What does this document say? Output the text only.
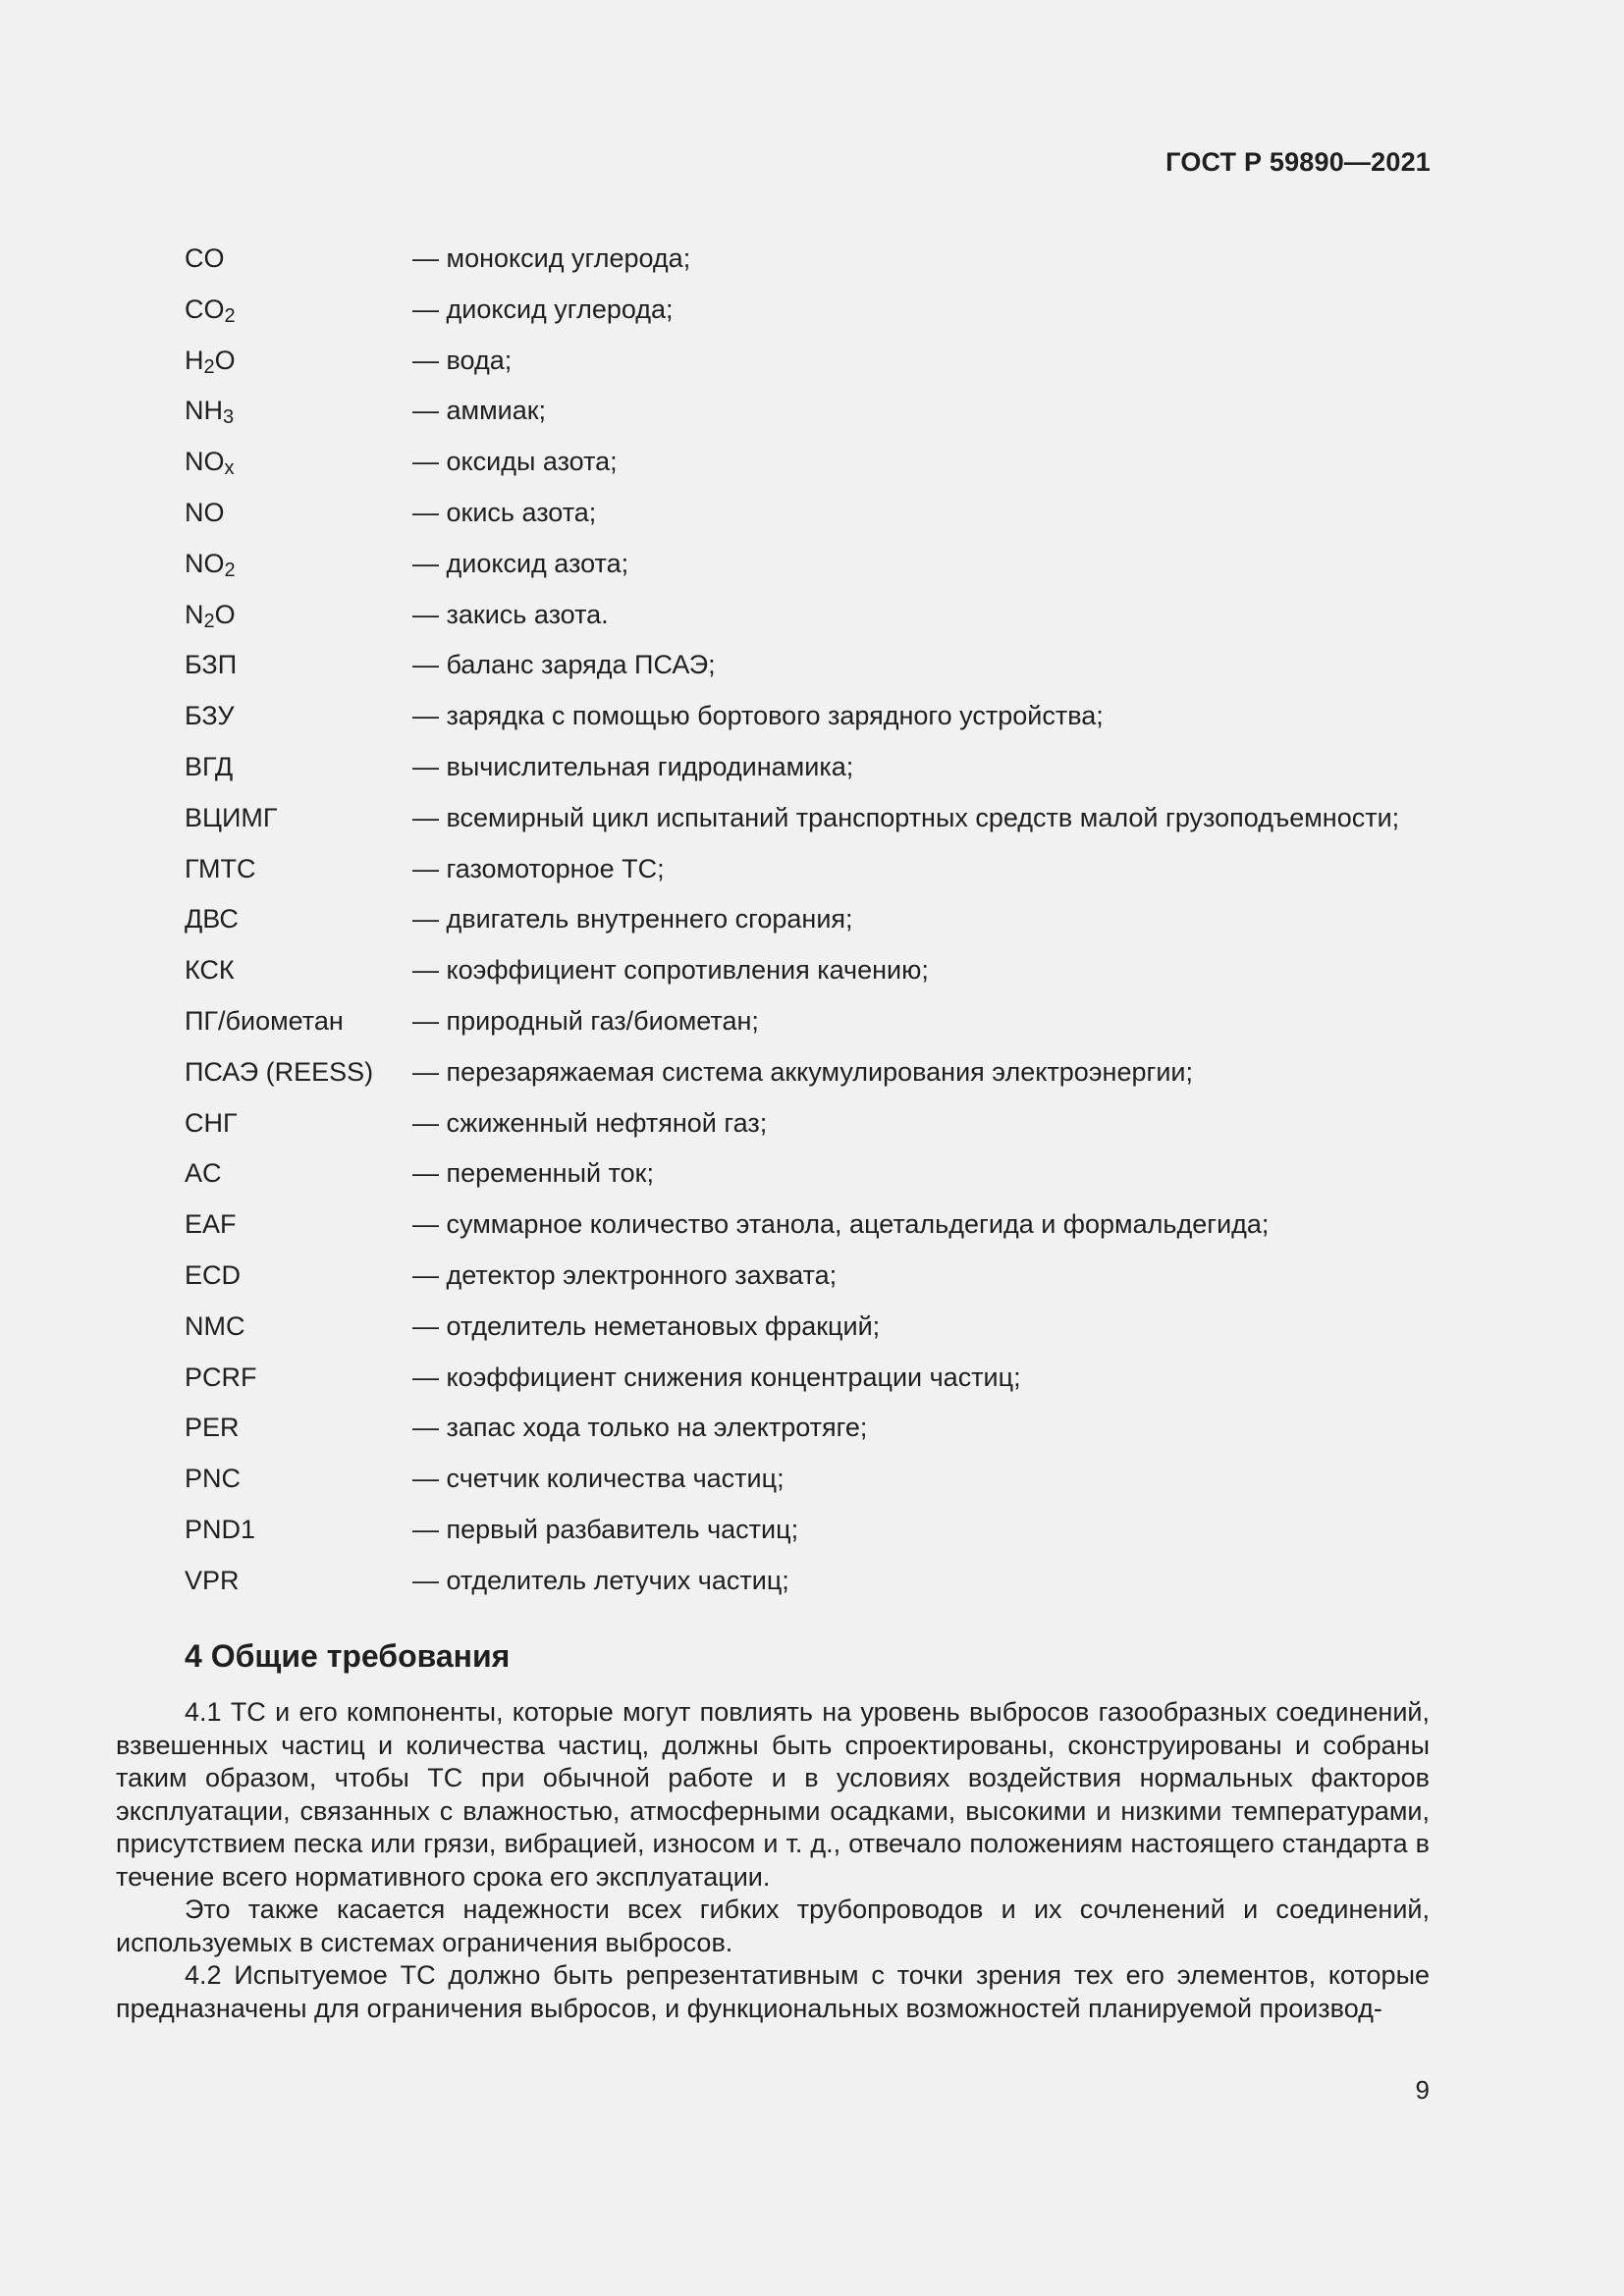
ГОСТ Р 59890—2021
CO	— моноксид углерода;
$CO_2$	— диоксид углерода;
$H_2O$	— вода;
$NH_3$	— аммиак;
$NO_x$	— оксиды азота;
NO	— окись азота;
$NO_2$	— диоксид азота;
$N_2O$	— закись азота.
БЗП	— баланс заряда ПСАЭ;
БЗУ	— зарядка с помощью бортового зарядного устройства;
ВГД	— вычислительная гидродинамика;
ВЦИМГ	— всемирный цикл испытаний транспортных средств малой грузоподъемности;
ГМТС	— газомоторное ТС;
ДВС	— двигатель внутреннего сгорания;
КСК	— коэффициент сопротивления качению;
ПГ/биометан	— природный газ/биометан;
ПСАЭ (REESS)	— перезаряжаемая система аккумулирования электроэнергии;
СНГ	— сжиженный нефтяной газ;
AC	— переменный ток;
EAF	— суммарное количество этанола, ацетальдегида и формальдегида;
ECD	— детектор электронного захвата;
NMC	— отделитель неметановых фракций;
PCRF	— коэффициент снижения концентрации частиц;
PER	— запас хода только на электротяге;
PNC	— счетчик количества частиц;
PND1	— первый разбавитель частиц;
VPR	— отделитель летучих частиц;
4 Общие требования

4.1 ТС и его компоненты, которые могут повлиять на уровень выбросов газообразных соединений, взвешенных частиц и количества частиц, должны быть спроектированы, сконструированы и собраны таким образом, чтобы ТС при обычной работе и в условиях воздействия нормальных факторов эксплуатации, связанных с влажностью, атмосферными осадками, высокими и низкими температурами, присутствием песка или грязи, вибрацией, износом и т. д., отвечало положениям настоящего стандарта в течение всего нормативного срока его эксплуатации.

Это также касается надежности всех гибких трубопроводов и их сочленений и соединений, используемых в системах ограничения выбросов.

4.2 Испытуемое ТС должно быть репрезентативным с точки зрения тех его элементов, которые предназначены для ограничения выбросов, и функциональных возможностей планируемой производ-

9
